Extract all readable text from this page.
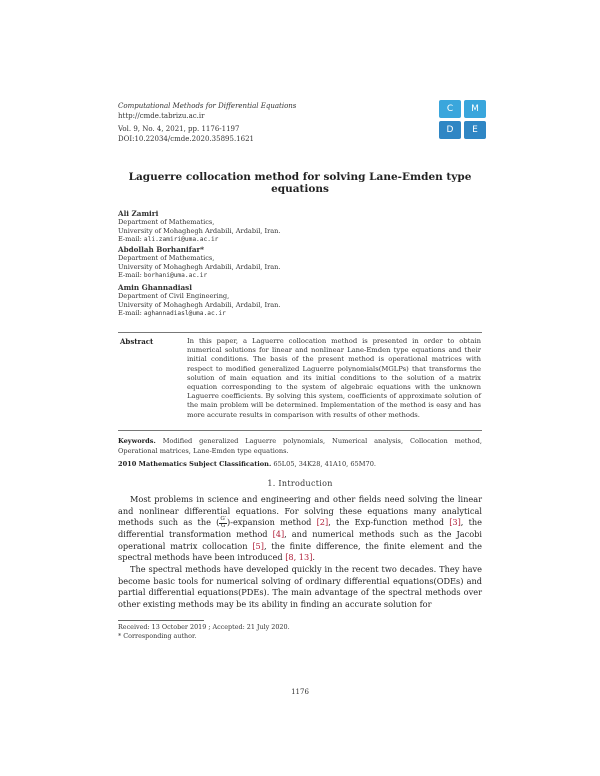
Computational Methods for Differential Equations
http://cmde.tabrizu.ac.ir
Vol. 9, No. 4, 2021, pp. 1176-1197
DOI:10.22034/cmde.2020.35895.1621
C	M
D	E
Laguerre collocation method for solving Lane-Emden type equations
Ali Zamiri
Department of Mathematics,
University of Mohaghegh Ardabili, Ardabil, Iran.
E-mail: ali.zamiri@uma.ac.ir
Abdollah Borhanifar*
Department of Mathematics,
University of Mohaghegh Ardabili, Ardabil, Iran.
E-mail: borhani@uma.ac.ir
Amin Ghannadiasl
Department of Civil Engineering,
University of Mohaghegh Ardabili, Ardabil, Iran.
E-mail: aghannadiasl@uma.ac.ir
Abstract	In this paper, a Laguerre collocation method is presented in order to obtain numerical solutions for linear and nonlinear Lane-Emden type equations and their initial conditions. The basis of the present method is operational matrices with respect to modified generalized Laguerre polynomials(MGLPs) that transforms the solution of main equation and its initial conditions to the solution of a matrix equation corresponding to the system of algebraic equations with the unknown Laguerre coefficients. By solving this system, coefficients of approximate solution of the main problem will be determined. Implementation of the method is easy and has more accurate results in comparison with results of other methods.
Keywords. Modified generalized Laguerre polynomials, Numerical analysis, Collocation method, Operational matrices, Lane-Emden type equations.
2010 Mathematics Subject Classification. 65L05, 34K28, 41A10, 65M70.
1. Introduction
Most problems in science and engineering and other fields need solving the linear and nonlinear differential equations. For solving these equations many analytical methods such as the ( $\frac{G'}{G}$ )-expansion method [2], the Exp-function method [3], the differential transformation method [4], and numerical methods such as the Jacobi operational matrix collocation [5], the finite difference, the finite element and the spectral methods have been introduced [8, 13].
The spectral methods have developed quickly in the recent two decades. They have become basic tools for numerical solving of ordinary differential equations(ODEs) and partial differential equations(PDEs). The main advantage of the spectral methods over other existing methods may be its ability in finding an accurate solution for
Received: 13 October 2019 ; Accepted: 21 July 2020.
* Corresponding author.
1176
